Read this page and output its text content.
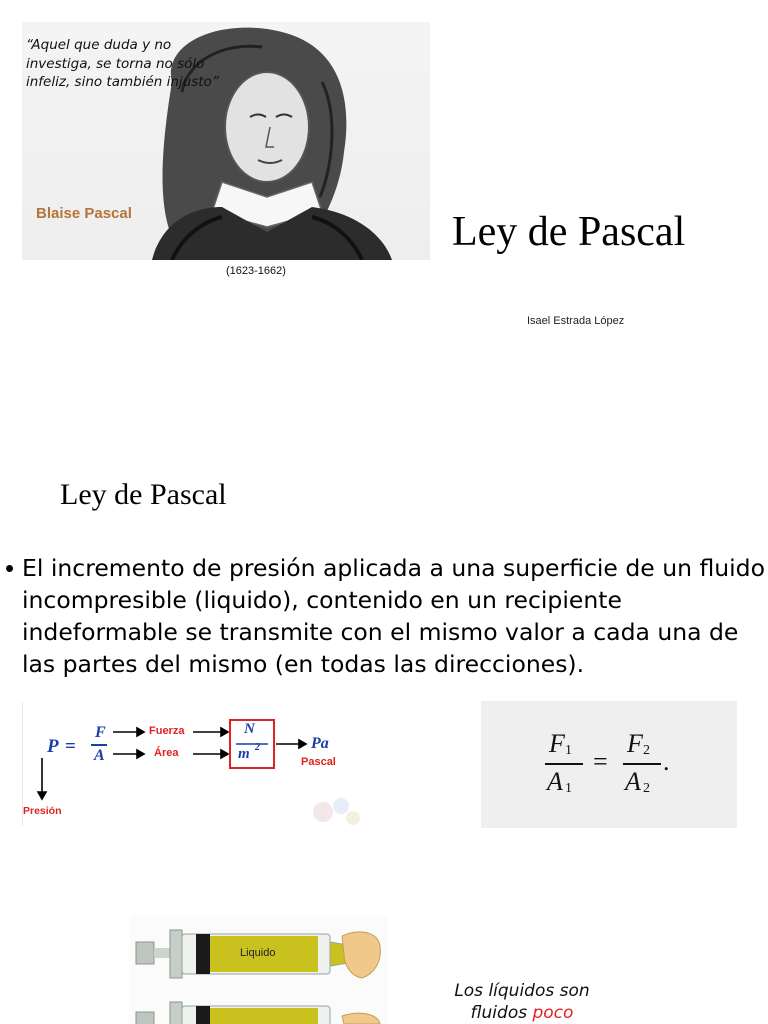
“Aquel que duda y no investiga, se torna no sólo infeliz, sino también injusto”
Blaise Pascal
(1623-1662)
Ley de Pascal
Isael Estrada López
Ley de Pascal
• El incremento de presión aplicada a una superficie de un fluido incompresible (liquido), contenido en un recipiente indeformable se transmite con el mismo valor a cada una de las partes del mismo (en todas las direcciones).
P =
F
A
Fuerza
Área
N
m 2	Pa
Pascal
Presión
F 1
A 1
=
F 2
A 2
.
Liquido
Los líquidos son
fluidos poco
